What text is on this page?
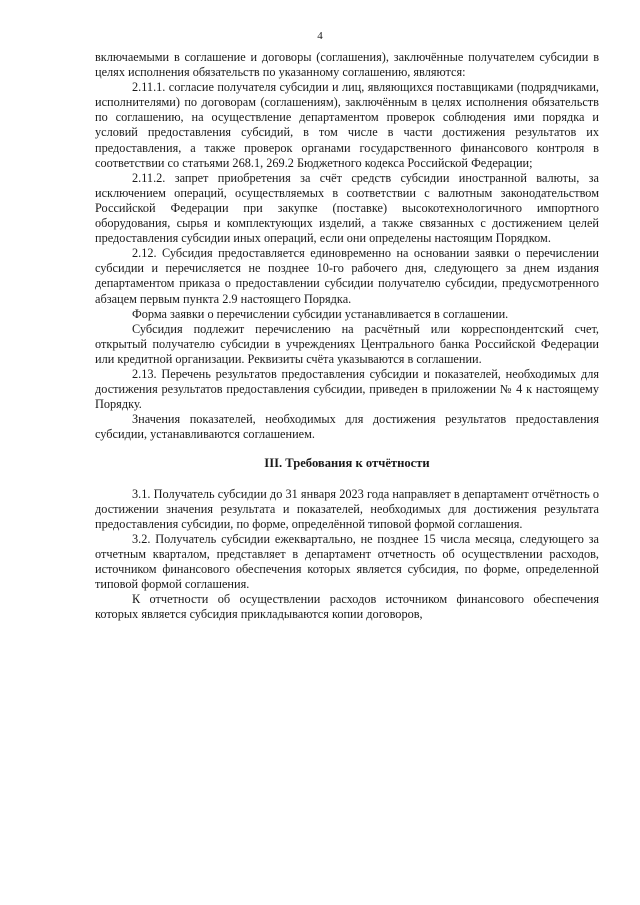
4

включаемыми в соглашение и договоры (соглашения), заключённые получателем субсидии в целях исполнения обязательств по указанному соглашению, являются:

2.11.1. согласие получателя субсидии и лиц, являющихся поставщиками (подрядчиками, исполнителями) по договорам (соглашениям), заключённым в целях исполнения обязательств по соглашению, на осуществление департаментом проверок соблюдения ими порядка и условий предоставления субсидий, в том числе в части достижения результатов их предоставления, а также проверок органами государственного финансового контроля в соответствии со статьями 268.1, 269.2 Бюджетного кодекса Российской Федерации;

2.11.2. запрет приобретения за счёт средств субсидии иностранной валюты, за исключением операций, осуществляемых в соответствии с валютным законодательством Российской Федерации при закупке (поставке) высокотехнологичного импортного оборудования, сырья и комплектующих изделий, а также связанных с достижением целей предоставления субсидии иных операций, если они определены настоящим Порядком.

2.12. Субсидия предоставляется единовременно на основании заявки о перечислении субсидии и перечисляется не позднее 10-го рабочего дня, следующего за днем издания департаментом приказа о предоставлении субсидии получателю субсидии, предусмотренного абзацем первым пункта 2.9 настоящего Порядка.

Форма заявки о перечислении субсидии устанавливается в соглашении.

Субсидия подлежит перечислению на расчётный или корреспондентский счет, открытый получателю субсидии в учреждениях Центрального банка Российской Федерации или кредитной организации. Реквизиты счёта указываются в соглашении.

2.13. Перечень результатов предоставления субсидии и показателей, необходимых для достижения результатов предоставления субсидии, приведен в приложении № 4 к настоящему Порядку.

Значения показателей, необходимых для достижения результатов предоставления субсидии, устанавливаются соглашением.

III. Требования к отчётности

3.1. Получатель субсидии до 31 января 2023 года направляет в департамент отчётность о достижении значения результата и показателей, необходимых для достижения результата предоставления субсидии, по форме, определённой типовой формой соглашения.

3.2. Получатель субсидии ежеквартально, не позднее 15 числа месяца, следующего за отчетным кварталом, представляет в департамент отчетность об осуществлении расходов, источником финансового обеспечения которых является субсидия, по форме, определенной типовой формой соглашения.

К отчетности об осуществлении расходов источником финансового обеспечения которых является субсидия прикладываются копии договоров,
